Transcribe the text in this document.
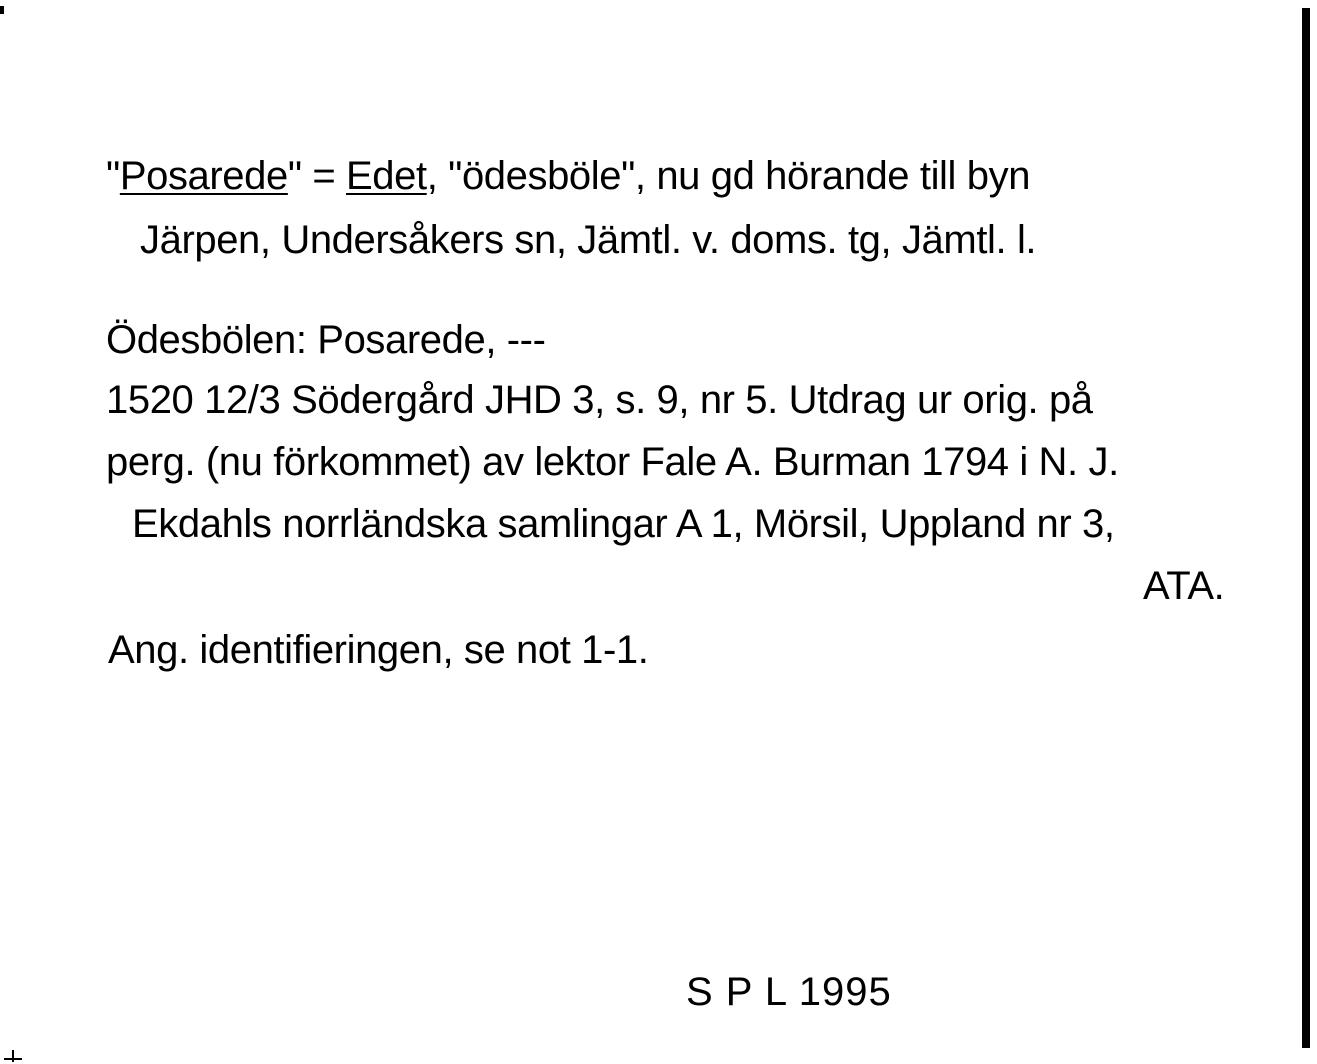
"Posarede" = Edet, "ödesböle", nu gd hörande till byn
Järpen, Undersåkers sn, Jämtl. v. doms. tg, Jämtl. l.
Ödesbölen: Posarede, ---
1520 12/3 Södergård JHD 3, s. 9, nr 5. Utdrag ur orig. på
perg. (nu förkommet) av lektor Fale A. Burman 1794 i N. J.
Ekdahls norrländska samlingar A 1, Mörsil, Uppland nr 3,
ATA.
Ang. identifieringen, se not 1-1.
S P L 1995
